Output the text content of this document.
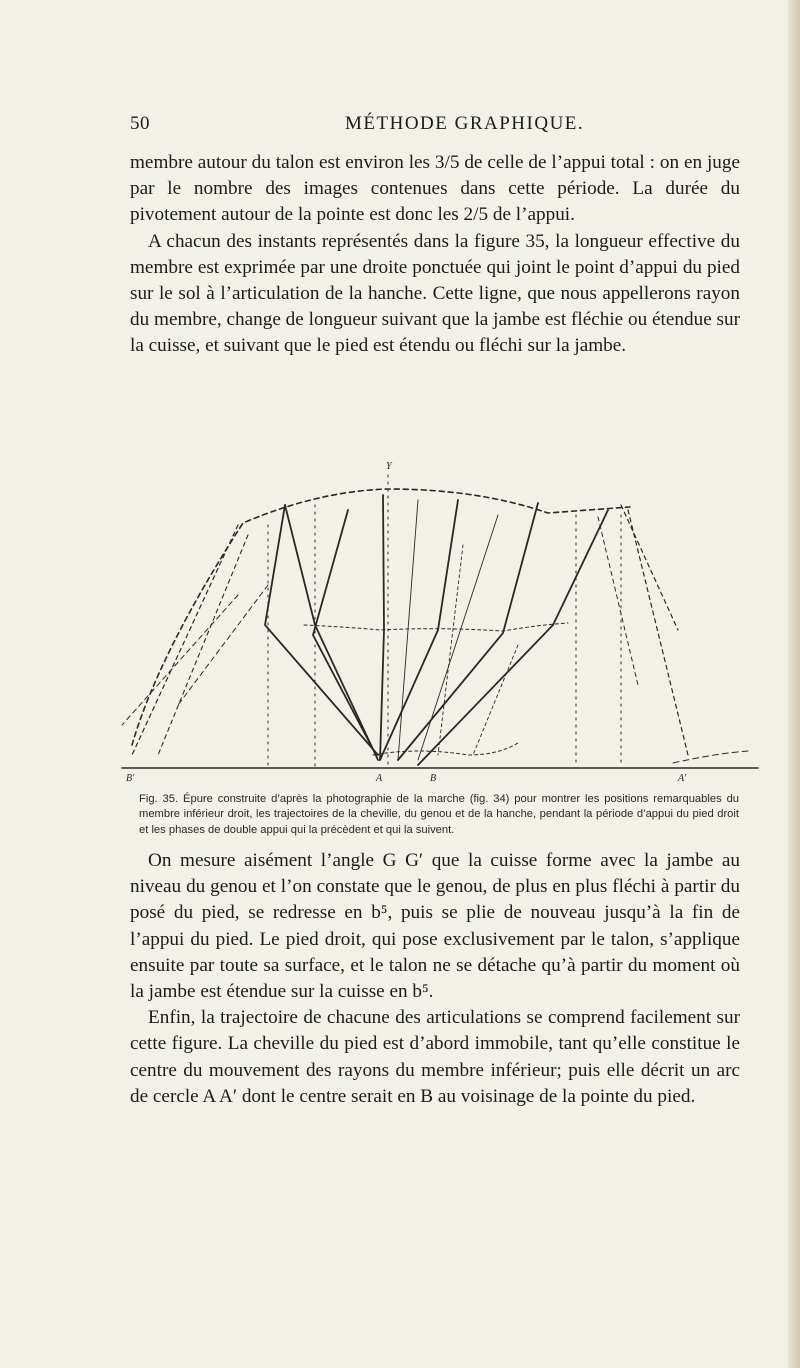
50	MÉTHODE GRAPHIQUE.

membre autour du talon est environ les 3/5 de celle de l’appui total : on en juge par le nombre des images contenues dans cette période. La durée du pivotement autour de la pointe est donc les 2/5 de l’appui.

A chacun des instants représentés dans la figure 35, la longueur effective du membre est exprimée par une droite ponctuée qui joint le point d’appui du pied sur le sol à l’articulation de la hanche. Cette ligne, que nous appellerons rayon du membre, change de longueur suivant que la jambe est fléchie ou étendue sur la cuisse, et suivant que le pied est étendu ou fléchi sur la jambe.

Y
B'	A	B	A'

Fig. 35. Épure construite d’après la photographie de la marche (fig. 34) pour montrer les positions remarquables du membre inférieur droit, les trajectoires de la cheville, du genou et de la hanche, pendant la période d’appui du pied droit et les phases de double appui qui la précèdent et qui la suivent.

On mesure aisément l’angle G G′ que la cuisse forme avec la jambe au niveau du genou et l’on constate que le genou, de plus en plus fléchi à partir du posé du pied, se redresse en b⁵, puis se plie de nouveau jusqu’à la fin de l’appui du pied. Le pied droit, qui pose exclusivement par le talon, s’applique ensuite par toute sa surface, et le talon ne se détache qu’à partir du moment où la jambe est étendue sur la cuisse en b⁵.

Enfin, la trajectoire de chacune des articulations se comprend facilement sur cette figure. La cheville du pied est d’abord immobile, tant qu’elle constitue le centre du mouvement des rayons du membre inférieur; puis elle décrit un arc de cercle A A′ dont le centre serait en B au voisinage de la pointe du pied.
